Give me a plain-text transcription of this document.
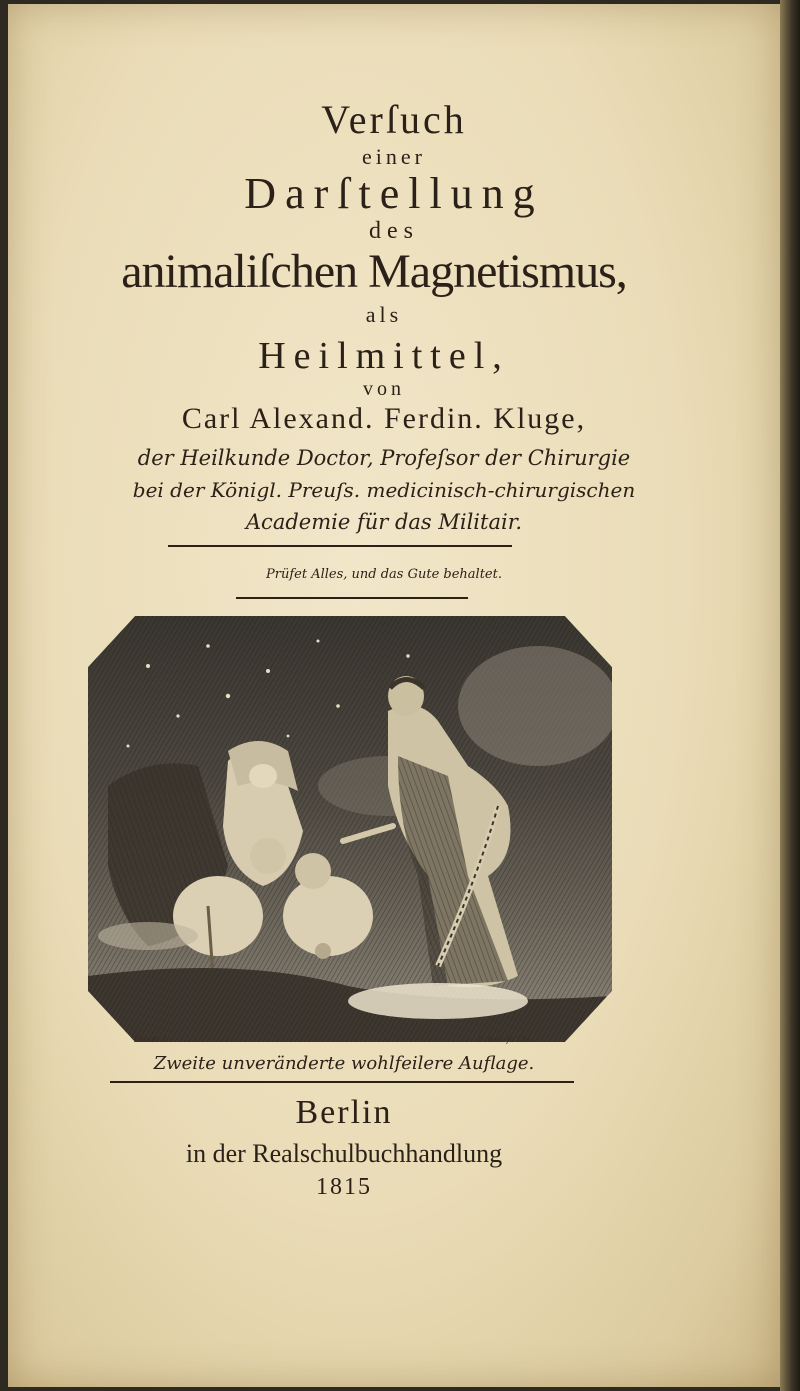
Verſuch
einer
Darſtellung
des
animaliſchen Magnetismus,
als
Heilmittel,
von
Carl Alexand. Ferdin. Kluge,
der Heilkunde Doctor, Profeſsor der Chirurgie
bei der Königl. Preuſs. medicinisch-chirurgischen
Academie für das Militair.
Prüfet Alles, und das Gute behaltet.
Braun d.	F. Bolt fc 181.
Zweite unveränderte wohlfeilere Auflage.
Berlin
in der Realschulbuchhandlung
1815
